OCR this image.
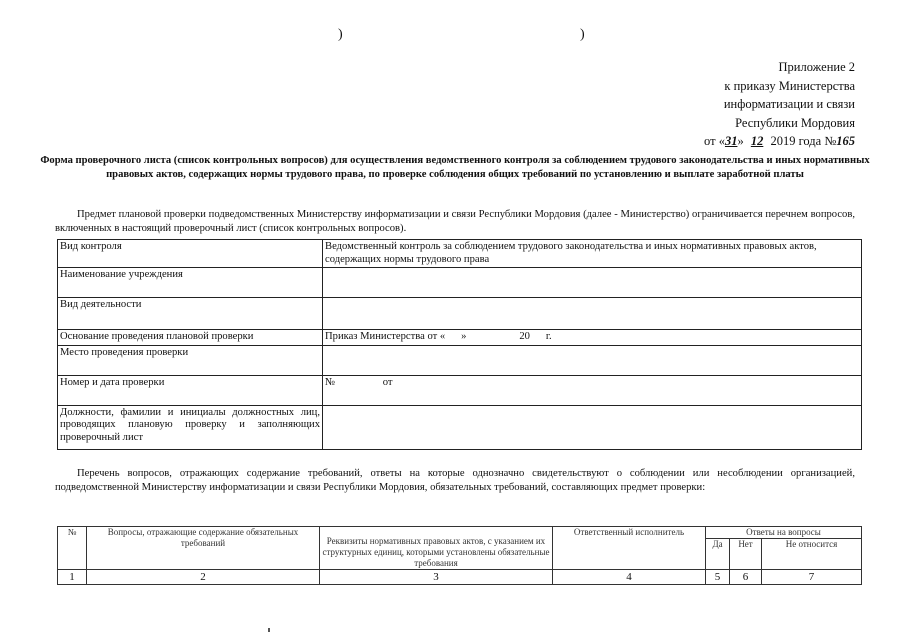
)	)
Приложение 2
к приказу Министерства
информатизации и связи
Республики Мордовия
от «31» 12 2019 года №165
Форма проверочного листа (список контрольных вопросов) для осуществления ведомственного контроля за соблюдением трудового законодательства и иных нормативных правовых актов, содержащих нормы трудового права, по проверке соблюдения общих требований по установлению и выплате заработной платы
Предмет плановой проверки подведомственных Министерству информатизации и связи Республики Мордовия (далее - Министерство) ограничивается перечнем вопросов, включенных в настоящий проверочный лист (список контрольных вопросов).
Вид контроля	Ведомственный контроль за соблюдением трудового законодательства и иных нормативных правовых актов, содержащих нормы трудового права
Наименование учреждения	
Вид деятельности	
Основание проведения плановой проверки	Приказ Министерства от «      »                    20      г.
Место проведения проверки	
Номер и дата проверки	№                  от
Должности, фамилии и инициалы должностных лиц, проводящих плановую проверку и заполняющих проверочный лист	
Перечень вопросов, отражающих содержание требований, ответы на которые однозначно свидетельствуют о соблюдении или несоблюдении организацией, подведомственной Министерству информатизации и связи Республики Мордовия, обязательных требований, составляющих предмет проверки:
№	Вопросы, отражающие содержание обязательных требований	Реквизиты нормативных правовых актов, с указанием их структурных единиц, которыми установлены обязательные требования	Ответственный исполнитель	Ответы на вопросы		
				Да	Нет	Не относится
1	2	3	4	5	6	7
